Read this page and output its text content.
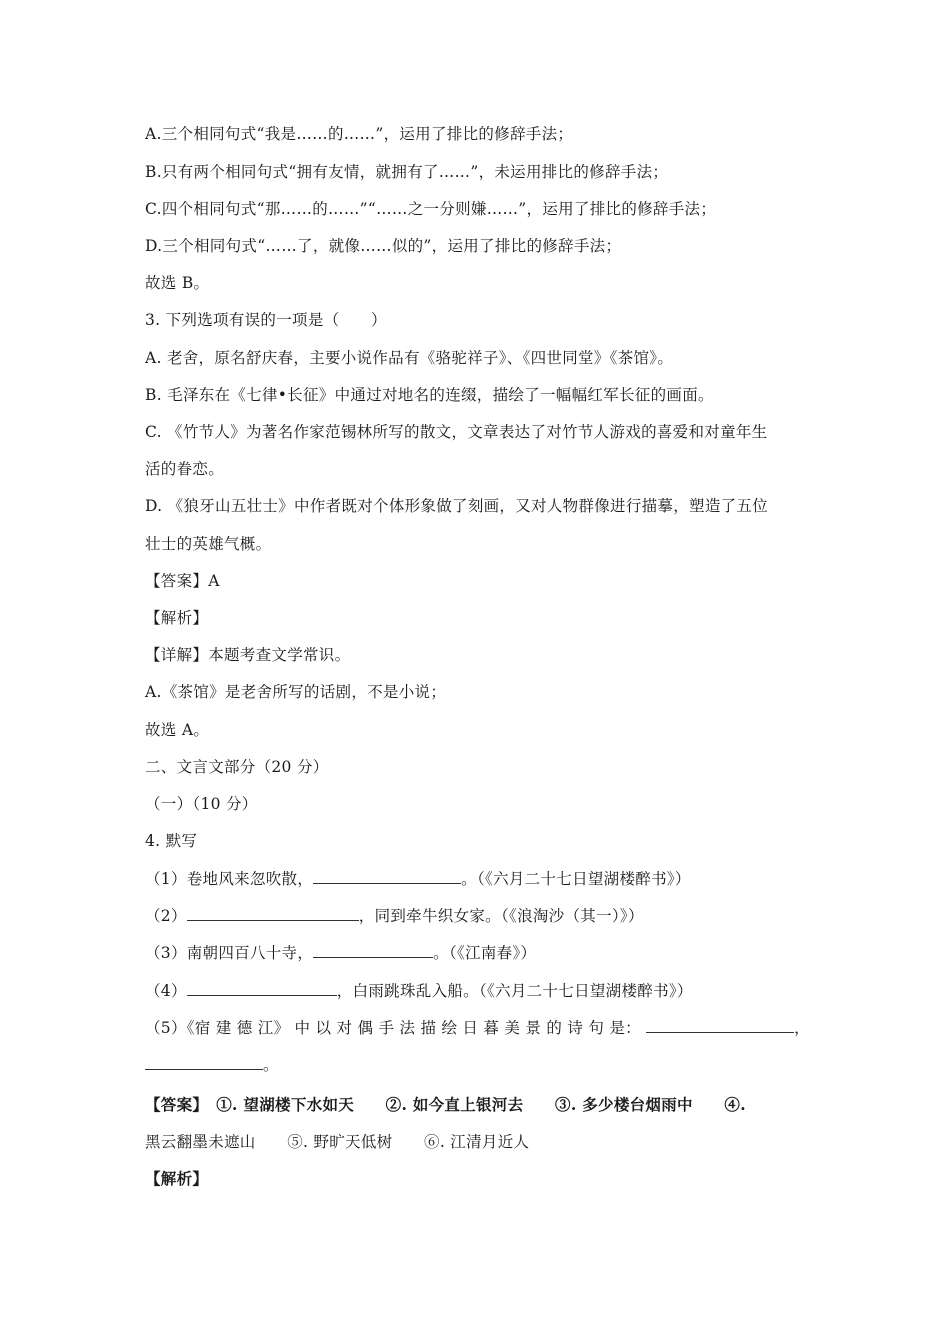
A.三个相同句式“我是……的……”，运用了排比的修辞手法；
B.只有两个相同句式“拥有友情，就拥有了……”，未运用排比的修辞手法；
C.四个相同句式“那……的……”“……之一分则嫌……”，运用了排比的修辞手法；
D.三个相同句式“……了，就像……似的”，运用了排比的修辞手法；
故选 B。
3. 下列选项有误的一项是（　　）
A. 老舍，原名舒庆春，主要小说作品有《骆驼祥子》、《四世同堂》《茶馆》。
B. 毛泽东在《七律•长征》中通过对地名的连缀，描绘了一幅幅红军长征的画面。
C. 《竹节人》为著名作家范锡林所写的散文，文章表达了对竹节人游戏的喜爱和对童年生
活的眷恋。
D. 《狼牙山五壮士》中作者既对个体形象做了刻画，又对人物群像进行描摹，塑造了五位
壮士的英雄气概。
【答案】A
【解析】
【详解】本题考查文学常识。
A.《茶馆》是老舍所写的话剧，不是小说；
故选 A。
二、文言文部分（20 分）
（一）（10 分）
4. 默写
（1）卷地风来忽吹散，	。（《六月二十七日望湖楼醉书》）
（2）	，同到牵牛织女家。（《浪淘沙（其一）》）
（3）南朝四百八十寺，	。（《江南春》）
（4）	，白雨跳珠乱入船。（《六月二十七日望湖楼醉书》）
（5）《宿 建 德 江》 中 以 对 偶 手 法 描 绘 日 暮 美 景 的 诗 句 是：	，
。
【答案】　①. 望湖楼下水如天　　②. 如今直上银河去　　③. 多少楼台烟雨中　　④.
黑云翻墨未遮山　　⑤. 野旷天低树　　⑥. 江清月近人
【解析】
